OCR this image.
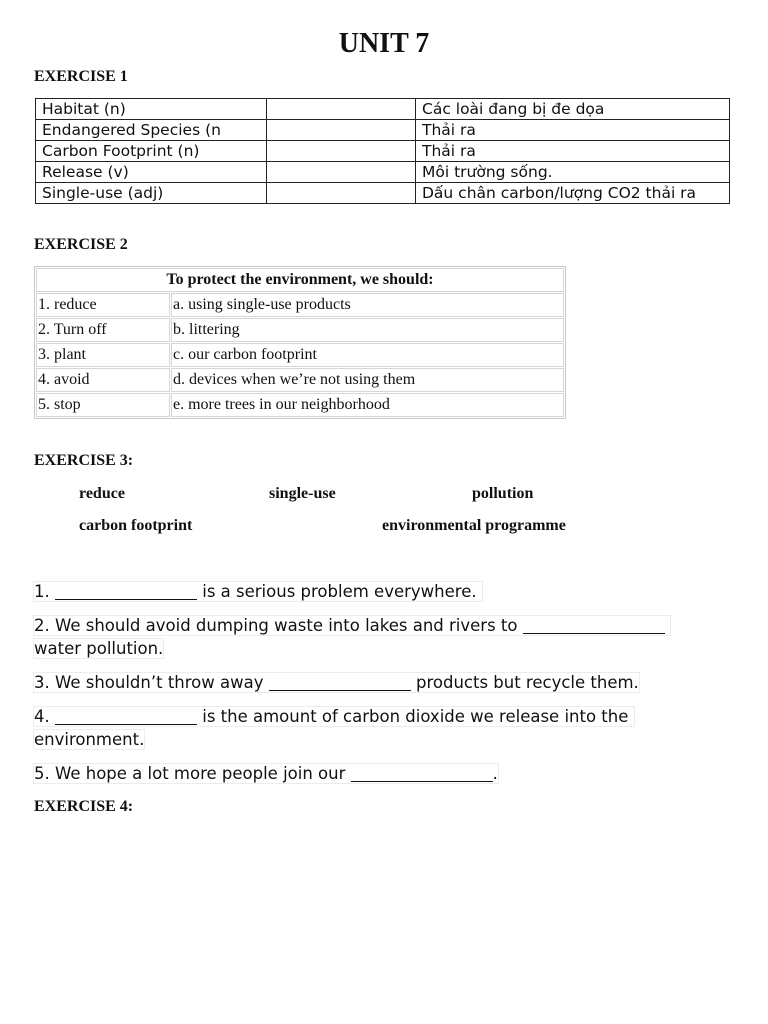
UNIT 7
EXERCISE 1
Habitat (n)		Các loài đang bị đe dọa
Endangered Species (n		Thải ra
Carbon Footprint (n)		Thải ra
Release (v)		Môi trường sống.
Single-use (adj)		Dấu chân carbon/lượng CO2 thải ra
EXERCISE 2
To protect the environment, we should:	
1. reduce	a. using single-use products
2. Turn off	b. littering
3. plant	c. our carbon footprint
4. avoid	d. devices when we’re not using them
5. stop	e. more trees in our neighborhood
EXERCISE 3:
reduce	single-use	pollution
carbon footprint	environmental programme
1.	is a serious problem everywhere.
2. We should avoid dumping waste into lakes and rivers to
water pollution.
3. We shouldn’t throw away	products but recycle them.
4.	is the amount of carbon dioxide we release into the
environment.
5. We hope a lot more people join our	.
EXERCISE 4:
